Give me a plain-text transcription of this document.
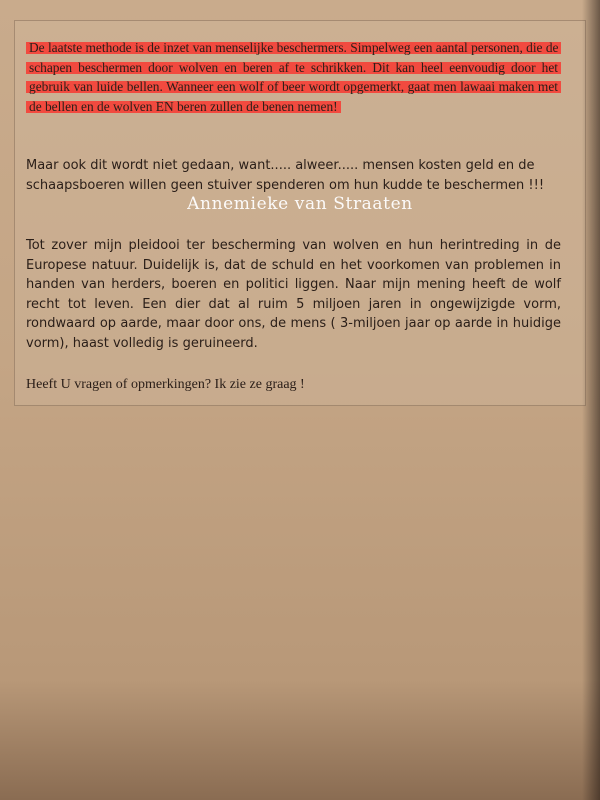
De laatste methode is de inzet van menselijke beschermers. Simpelweg een aantal personen, die de schapen beschermen door wolven en beren af te schrikken. Dit kan heel eenvoudig door het gebruik van luide bellen. Wanneer een wolf of beer wordt opgemerkt, gaat men lawaai maken met de bellen en de wolven EN beren zullen de benen nemen!
Maar ook dit wordt niet gedaan, want..... alweer..... mensen kosten geld en de schaapsboeren willen geen stuiver spenderen om hun kudde te beschermen !!!
Annemieke van Straaten
Tot zover mijn pleidooi ter bescherming van wolven en hun herintreding in de Europese natuur. Duidelijk is, dat de schuld en het voorkomen van problemen in handen van herders, boeren en politici liggen. Naar mijn mening heeft de wolf recht tot leven. Een dier dat al ruim 5 miljoen jaren in ongewijzigde vorm, rondwaard op aarde, maar door ons, de mens ( 3-miljoen jaar op aarde in huidige vorm), haast volledig is geruineerd.
Heeft U vragen of opmerkingen? Ik zie ze graag !
